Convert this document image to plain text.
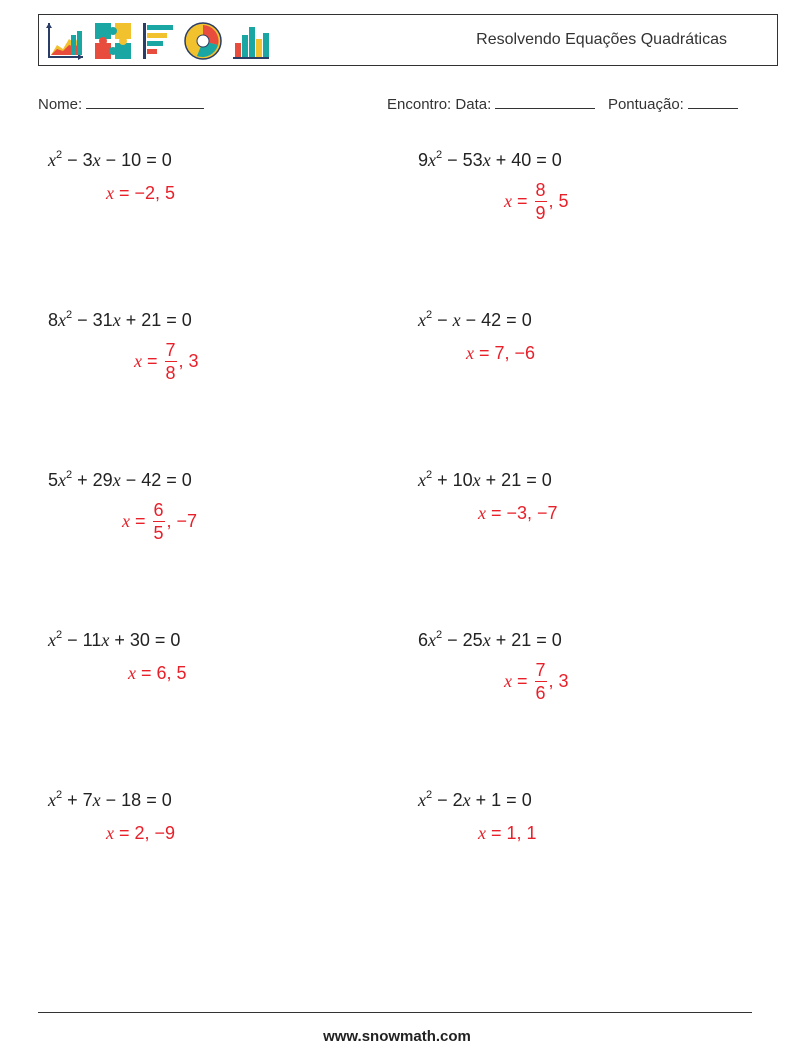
Resolvendo Equações Quadráticas
Nome:	Encontro: Data:	Pontuação:
$x^2 - 3x - 10 = 0$
x = −2, 5
$9x^2 - 53x + 40 = 0$
$x = \frac{8}{9}$ , 5
$8x^2 - 31x + 21 = 0$
$x = \frac{7}{8}$ , 3
$x^2 - x - 42 = 0$
x = 7, −6
$5x^2 + 29x - 42 = 0$
$x = \frac{6}{5}$ , −7
$x^2 + 10x + 21 = 0$
x = −3, −7
$x^2 - 11x + 30 = 0$
x = 6, 5
$6x^2 - 25x + 21 = 0$
$x = \frac{7}{6}$ , 3
$x^2 + 7x - 18 = 0$
x = 2, −9
$x^2 - 2x + 1 = 0$
x = 1, 1
www.snowmath.com
